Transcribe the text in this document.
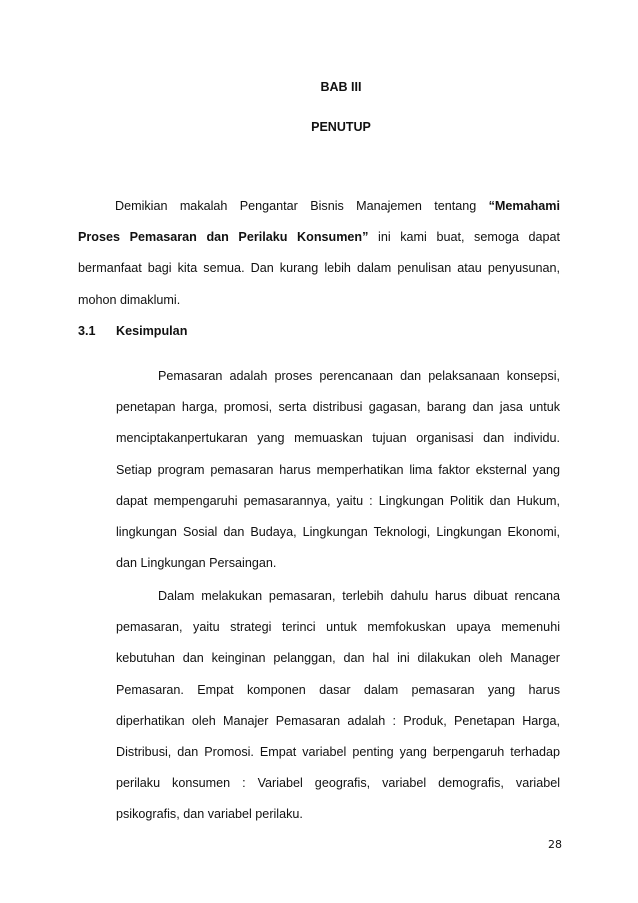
BAB III
PENUTUP
Demikian makalah Pengantar Bisnis Manajemen tentang “Memahami
Proses Pemasaran dan Perilaku Konsumen” ini kami buat, semoga dapat
bermanfaat bagi kita semua. Dan kurang lebih dalam penulisan atau penyusunan,
mohon dimaklumi.
3.1 Kesimpulan
Pemasaran adalah proses perencanaan dan pelaksanaan konsepsi,
penetapan harga, promosi, serta distribusi gagasan, barang dan jasa untuk
menciptakanpertukaran yang memuaskan tujuan organisasi dan individu.
Setiap program pemasaran harus memperhatikan lima faktor eksternal yang
dapat mempengaruhi pemasarannya, yaitu : Lingkungan Politik dan Hukum,
lingkungan Sosial dan Budaya, Lingkungan Teknologi, Lingkungan Ekonomi,
dan Lingkungan Persaingan.
Dalam melakukan pemasaran, terlebih dahulu harus dibuat rencana
pemasaran, yaitu strategi terinci untuk memfokuskan upaya memenuhi
kebutuhan dan keinginan pelanggan, dan hal ini dilakukan oleh Manager
Pemasaran. Empat komponen dasar dalam pemasaran yang harus
diperhatikan oleh Manajer Pemasaran adalah : Produk, Penetapan Harga,
Distribusi, dan Promosi. Empat variabel penting yang berpengaruh terhadap
perilaku konsumen : Variabel geografis, variabel demografis, variabel
psikografis, dan variabel perilaku.
28
